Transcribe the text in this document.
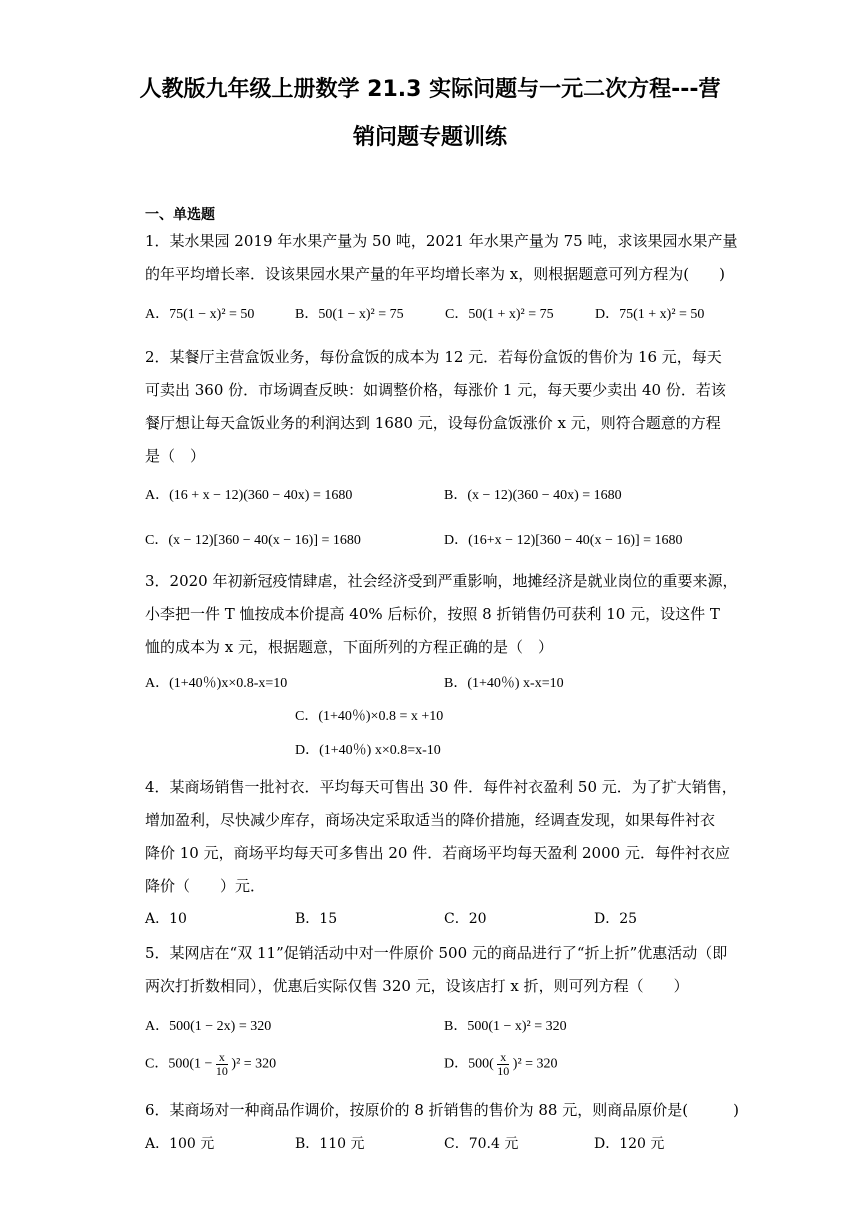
人教版九年级上册数学 21.3 实际问题与一元二次方程---营
销问题专题训练
一、单选题
1．某水果园 2019 年水果产量为 50 吨，2021 年水果产量为 75 吨，求该果园水果产量
的年平均增长率．设该果园水果产量的年平均增长率为 x，则根据题意可列方程为(　　)
A．75(1 − x)² = 50	B．50(1 − x)² = 75	C．50(1 + x)² = 75	D．75(1 + x)² = 50
2．某餐厅主营盒饭业务，每份盒饭的成本为 12 元．若每份盒饭的售价为 16 元，每天
可卖出 360 份．市场调查反映：如调整价格，每涨价 1 元，每天要少卖出 40 份．若该
餐厅想让每天盒饭业务的利润达到 1680 元，设每份盒饭涨价 x 元，则符合题意的方程
是（　）
A．(16 + x − 12)(360 − 40x) = 1680	B．(x − 12)(360 − 40x) = 1680
C．(x − 12)[360 − 40(x − 16)] = 1680	D．(16+x − 12)[360 − 40(x − 16)] = 1680
3．2020 年初新冠疫情肆虐，社会经济受到严重影响，地摊经济是就业岗位的重要来源，
小李把一件 T 恤按成本价提高 40% 后标价，按照 8 折销售仍可获利 10 元，设这件 T
恤的成本为 x 元，根据题意，下面所列的方程正确的是（　）
A．(1+40％)x×0.8-x=10	B．(1+40％) x-x=10
C．(1+40％)×0.8 = x +10
D．(1+40％) x×0.8=x-10
4．某商场销售一批衬衣．平均每天可售出 30 件．每件衬衣盈利 50 元．为了扩大销售，
增加盈利，尽快减少库存，商场决定采取适当的降价措施，经调查发现，如果每件衬衣
降价 10 元，商场平均每天可多售出 20 件．若商场平均每天盈利 2000 元．每件衬衣应
降价（　　）元．
A．10	B．15	C．20	D．25
5．某网店在“双 11”促销活动中对一件原价 500 元的商品进行了“折上折”优惠活动（即
两次打折数相同），优惠后实际仅售 320 元，设该店打 x 折，则可列方程（　　）
A．500(1 − 2x) = 320	B．500(1 − x)² = 320
C．$500(1 - \frac{x}{10} )^2 = 320$	D．$500( \frac{x}{10} )^2 = 320$
6．某商场对一种商品作调价，按原价的 8 折销售的售价为 88 元，则商品原价是(　　　)
A．100 元	B．110 元	C．70.4 元	D．120 元
